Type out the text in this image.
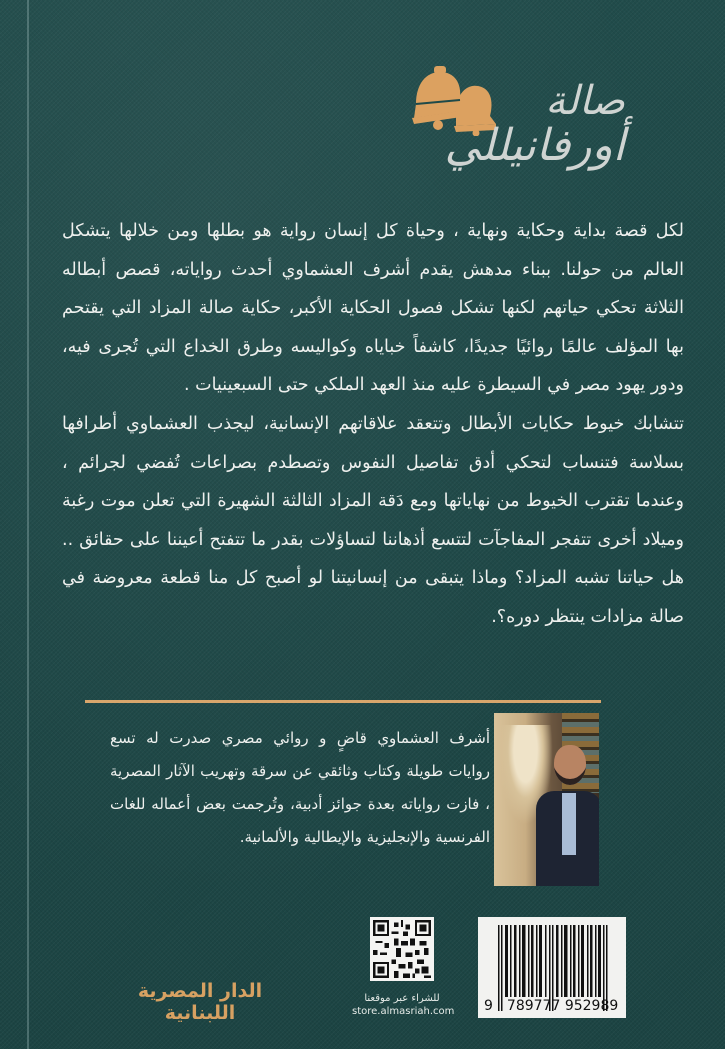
صالة
أورفانيللي

لكل قصة بداية وحكاية ونهاية ، وحياة كل إنسان رواية هو بطلها ومن خلالها يتشكل العالم من حولنا. ببناء مدهش يقدم أشرف العشماوي أحدث رواياته، قصص أبطاله الثلاثة تحكي حياتهم لكنها تشكل فصول الحكاية الأكبر، حكاية صالة المزاد التي يقتحم بها المؤلف عالمًا روائيًا جديدًا، كاشفاً خباياه وكواليسه وطرق الخداع التي تُجرى فيه، ودور يهود مصر في السيطرة عليه منذ العهد الملكي حتى السبعينيات .

تتشابك خيوط حكايات الأبطال وتتعقد علاقاتهم الإنسانية، ليجذب العشماوي أطرافها بسلاسة فتنساب لتحكي أدق تفاصيل النفوس وتصطدم بصراعات تُفضي لجرائم ، وعندما تقترب الخيوط من نهاياتها ومع دَقة المزاد الثالثة الشهيرة التي تعلن موت رغبة وميلاد أخرى تتفجر المفاجآت لتتسع أذهاننا لتساؤلات بقدر ما تتفتح أعيننا على حقائق .. هل حياتنا تشبه المزاد؟ وماذا يتبقى من إنسانيتنا لو أصبح كل منا قطعة معروضة في صالة مزادات ينتظر دوره؟.

أشرف العشماوي قاضٍ و روائي مصري صدرت له تسع روايات طويلة وكتاب وثائقي عن سرقة وتهريب الآثار المصرية ، فازت رواياته بعدة جوائز أدبية، وتُرجمت بعض أعماله للغات الفرنسية والإنجليزية والإيطالية والألمانية.
للشراء عبر موقعنا
store.almasriah.com 9 789777 952989
الدار المصرية اللبنانية
